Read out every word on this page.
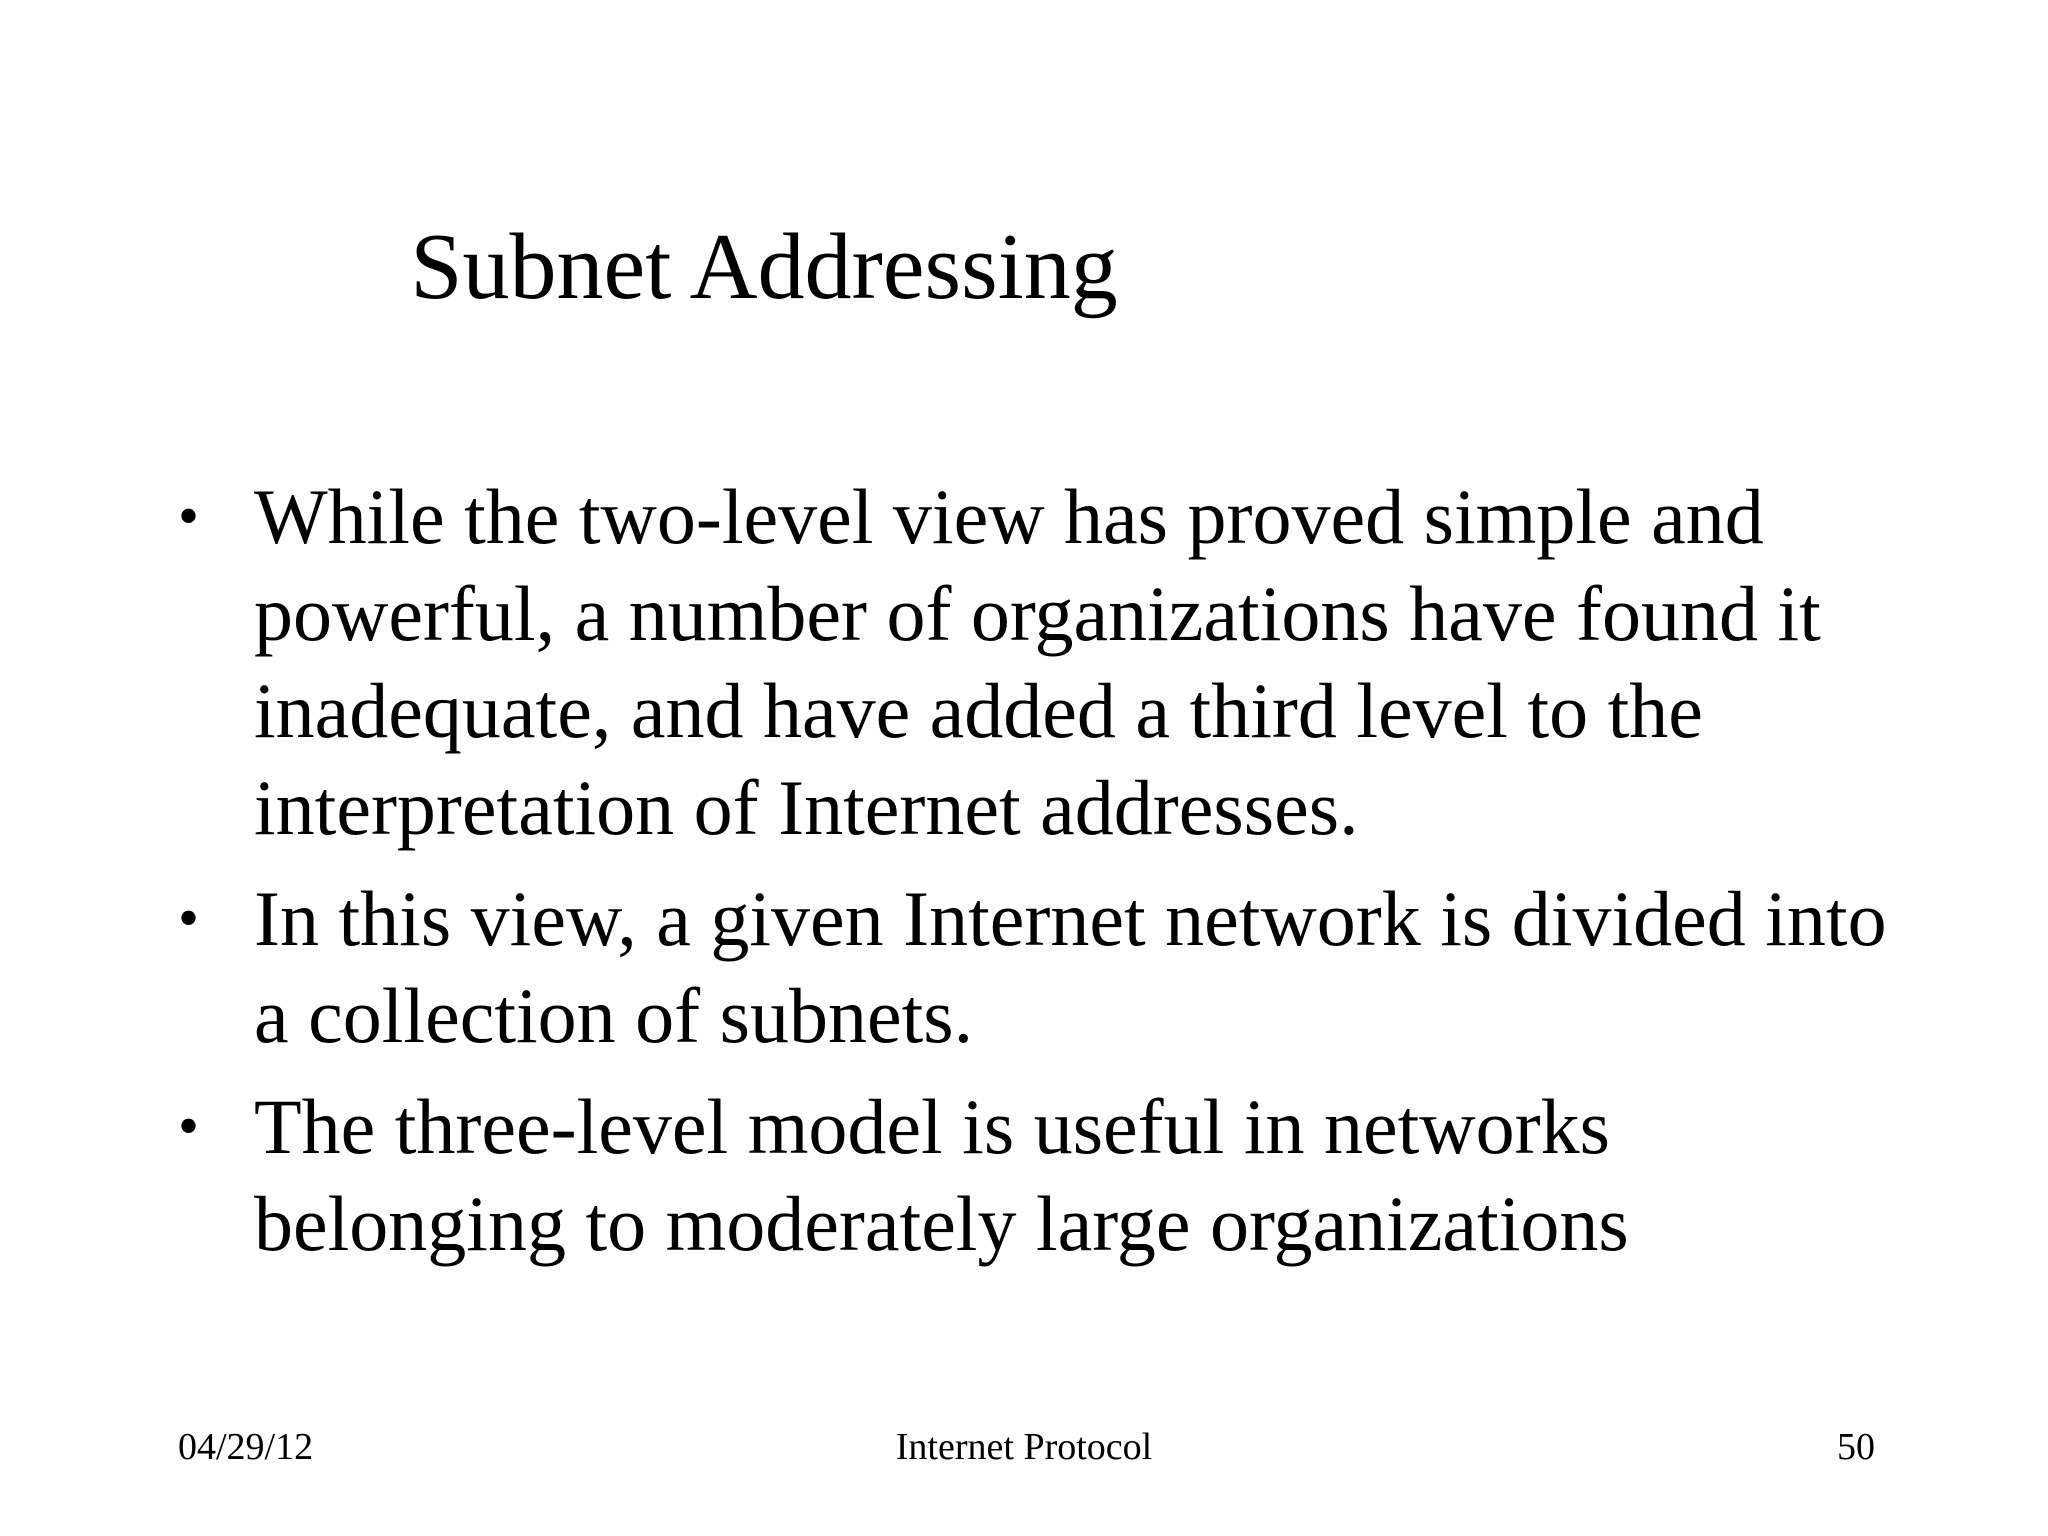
Subnet Addressing
• While the two-level view has proved simple and powerful, a number of organizations have found it inadequate, and have added a third level to the interpretation of Internet addresses.
• In this view, a given Internet network is divided into a collection of subnets.
• The three-level model is useful in networks belonging to moderately large organizations
04/29/12	Internet Protocol	50
